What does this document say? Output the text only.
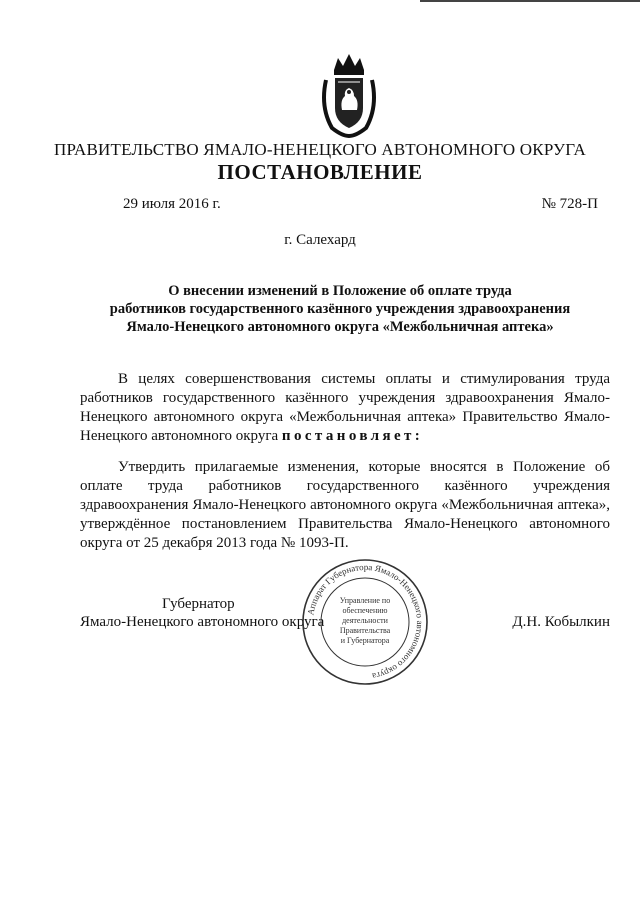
ПРАВИТЕЛЬСТВО ЯМАЛО-НЕНЕЦКОГО АВТОНОМНОГО ОКРУГА
ПОСТАНОВЛЕНИЕ
29 июля 2016 г.	№ 728-П
г. Салехард
О внесении изменений в Положение об оплате труда
работников государственного казённого учреждения здравоохранения
Ямало-Ненецкого автономного округа «Межбольничная аптека»
В целях совершенствования системы оплаты и стимулирования труда работников государственного казённого учреждения здравоохранения Ямало-Ненецкого автономного округа «Межбольничная аптека» Правительство Ямало-Ненецкого автономного округа постановляет:
Утвердить прилагаемые изменения, которые вносятся в Положение об оплате труда работников государственного казённого учреждения здравоохранения Ямало-Ненецкого автономного округа «Межбольничная аптека», утверждённое постановлением Правительства Ямало-Ненецкого автономного округа от 25 декабря 2013 года № 1093-П.
Губернатор
Ямало-Ненецкого автономного округа	Д.Н. Кобылкин
Аппарат Губернатора Ямало-Ненецкого автономного округа
Управление по
обеспечению
деятельности
Правительства
и Губернатора
